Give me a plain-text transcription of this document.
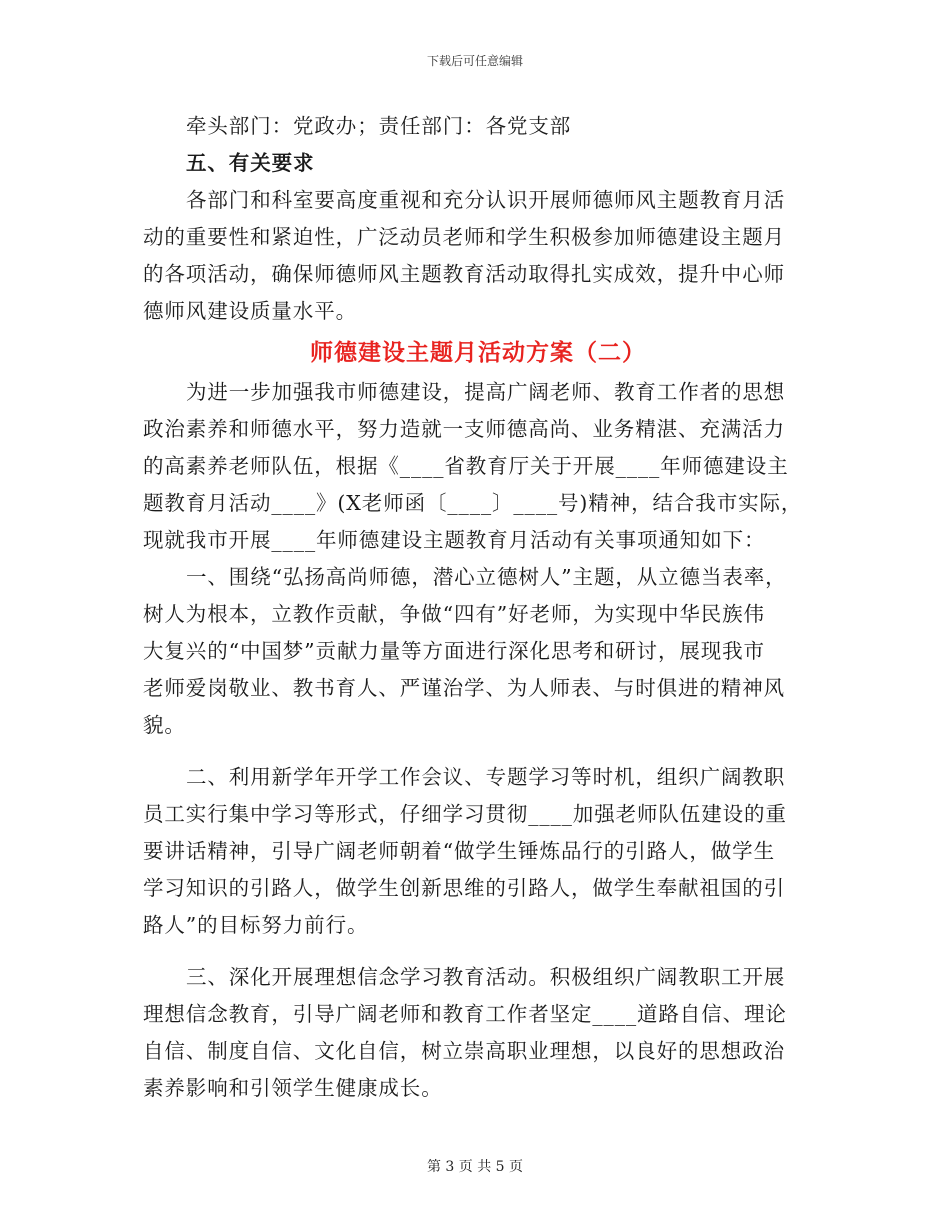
下载后可任意编辑
牵头部门：党政办；责任部门：各党支部
五、有关要求
各部门和科室要高度重视和充分认识开展师德师风主题教育月活
动的重要性和紧迫性，广泛动员老师和学生积极参加师德建设主题月
的各项活动，确保师德师风主题教育活动取得扎实成效，提升中心师
德师风建设质量水平。
师德建设主题月活动方案（二）
为进一步加强我市师德建设，提高广阔老师、教育工作者的思想
政治素养和师德水平，努力造就一支师德高尚、业务精湛、充满活力
的高素养老师队伍，根据《____省教育厅关于开展____年师德建设主
题教育月活动____》(X老师函〔____〕____号)精神，结合我市实际，
现就我市开展____年师德建设主题教育月活动有关事项通知如下：
一、围绕“弘扬高尚师德，潜心立德树人”主题，从立德当表率，
树人为根本，立教作贡献，争做“四有”好老师，为实现中华民族伟
大复兴的“中国梦”贡献力量等方面进行深化思考和研讨，展现我市
老师爱岗敬业、教书育人、严谨治学、为人师表、与时俱进的精神风
貌。
二、利用新学年开学工作会议、专题学习等时机，组织广阔教职
员工实行集中学习等形式，仔细学习贯彻____加强老师队伍建设的重
要讲话精神，引导广阔老师朝着“做学生锤炼品行的引路人，做学生
学习知识的引路人，做学生创新思维的引路人，做学生奉献祖国的引
路人”的目标努力前行。
三、深化开展理想信念学习教育活动。积极组织广阔教职工开展
理想信念教育，引导广阔老师和教育工作者坚定____道路自信、理论
自信、制度自信、文化自信，树立崇高职业理想，以良好的思想政治
素养影响和引领学生健康成长。
第 3 页 共 5 页
